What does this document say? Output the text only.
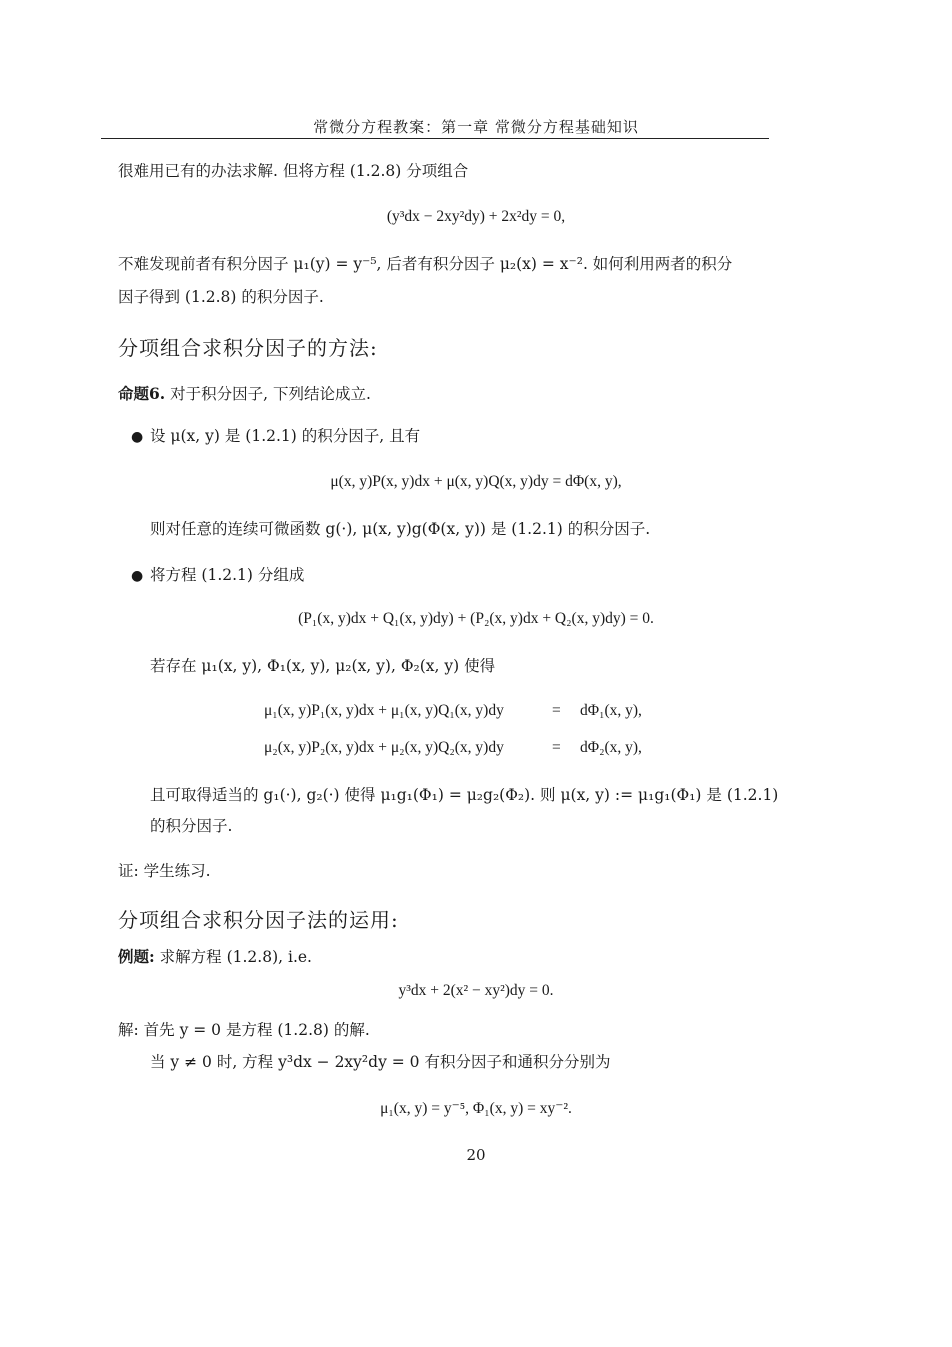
常微分方程教案：第一章 常微分方程基础知识
很难用已有的办法求解. 但将方程 (1.2.8) 分项组合
(y³dx − 2xy²dy) + 2x²dy = 0,
不难发现前者有积分因子 μ₁(y) = y⁻⁵, 后者有积分因子 μ₂(x) = x⁻². 如何利用两者的积分
因子得到 (1.2.8) 的积分因子.
分项组合求积分因子的方法:
命题6. 对于积分因子, 下列结论成立.
● 设 μ(x, y) 是 (1.2.1) 的积分因子, 且有
μ(x, y)P(x, y)dx + μ(x, y)Q(x, y)dy = dΦ(x, y),
则对任意的连续可微函数 g(·), μ(x, y)g(Φ(x, y)) 是 (1.2.1) 的积分因子.
● 将方程 (1.2.1) 分组成
(P₁(x, y)dx + Q₁(x, y)dy) + (P₂(x, y)dx + Q₂(x, y)dy) = 0.
若存在 μ₁(x, y), Φ₁(x, y), μ₂(x, y), Φ₂(x, y) 使得
μ₁(x, y)P₁(x, y)dx + μ₁(x, y)Q₁(x, y)dy	= dΦ₁(x, y),
μ₂(x, y)P₂(x, y)dx + μ₂(x, y)Q₂(x, y)dy	= dΦ₂(x, y),
且可取得适当的 g₁(·), g₂(·) 使得 μ₁g₁(Φ₁) = μ₂g₂(Φ₂). 则 μ(x, y) := μ₁g₁(Φ₁) 是 (1.2.1)
的积分因子.
证: 学生练习.
分项组合求积分因子法的运用:
例题: 求解方程 (1.2.8), i.e.
y³dx + 2(x² − xy²)dy = 0.
解: 首先 y = 0 是方程 (1.2.8) 的解.
当 y ≠ 0 时, 方程 y³dx − 2xy²dy = 0 有积分因子和通积分分别为
μ₁(x, y) = y⁻⁵, Φ₁(x, y) = xy⁻².
20
